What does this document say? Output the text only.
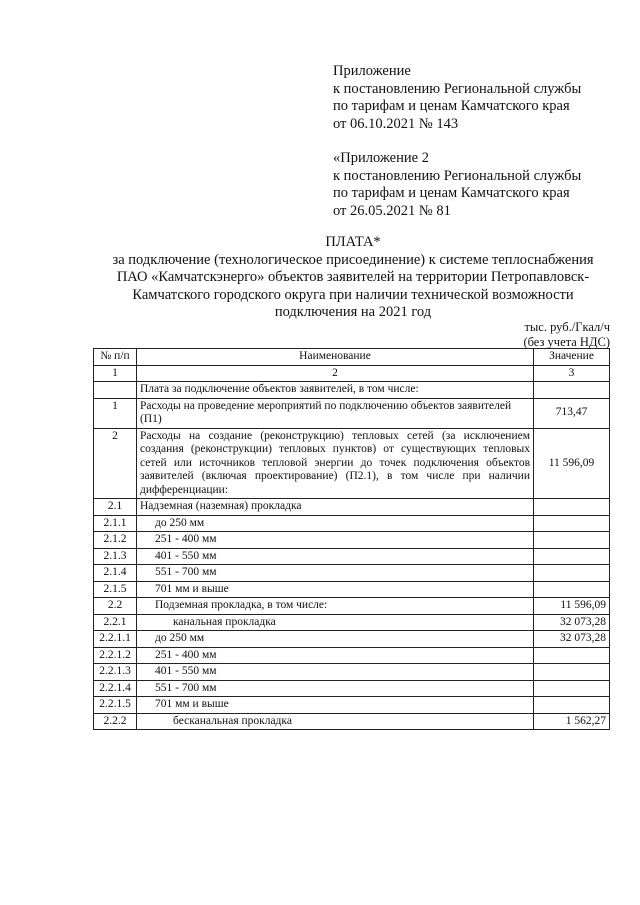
Приложение
к постановлению Региональной службы
по тарифам и ценам Камчатского края
от 06.10.2021 № 143
«Приложение 2
к постановлению Региональной службы
по тарифам и ценам Камчатского края
от 26.05.2021 № 81
ПЛАТА*
за подключение (технологическое присоединение) к системе теплоснабжения ПАО «Камчатскэнерго» объектов заявителей на территории Петропавловск-Камчатского городского округа при наличии технической возможности подключения на 2021 год
тыс. руб./Гкал/ч
(без учета НДС)
№ п/п	Наименование	Значение
1	2	3
	Плата за подключение объектов заявителей, в том числе:	
1	Расходы на проведение мероприятий по подключению объектов заявителей (П1)	713,47
2	Расходы на создание (реконструкцию) тепловых сетей (за исключением создания (реконструкции) тепловых пунктов) от существующих тепловых сетей или источников тепловой энергии до точек подключения объектов заявителей (включая проектирование) (П2.1), в том числе при наличии дифференциации:	11 596,09
2.1	Надземная (наземная) прокладка	
2.1.1	до 250 мм	
2.1.2	251 - 400 мм	
2.1.3	401 - 550 мм	
2.1.4	551 - 700 мм	
2.1.5	701 мм и выше	
2.2	Подземная прокладка, в том числе:	11 596,09
2.2.1	канальная прокладка	32 073,28
2.2.1.1	до 250 мм	32 073,28
2.2.1.2	251 - 400 мм	
2.2.1.3	401 - 550 мм	
2.2.1.4	551 - 700 мм	
2.2.1.5	701 мм и выше	
2.2.2	бесканальная прокладка	1 562,27
